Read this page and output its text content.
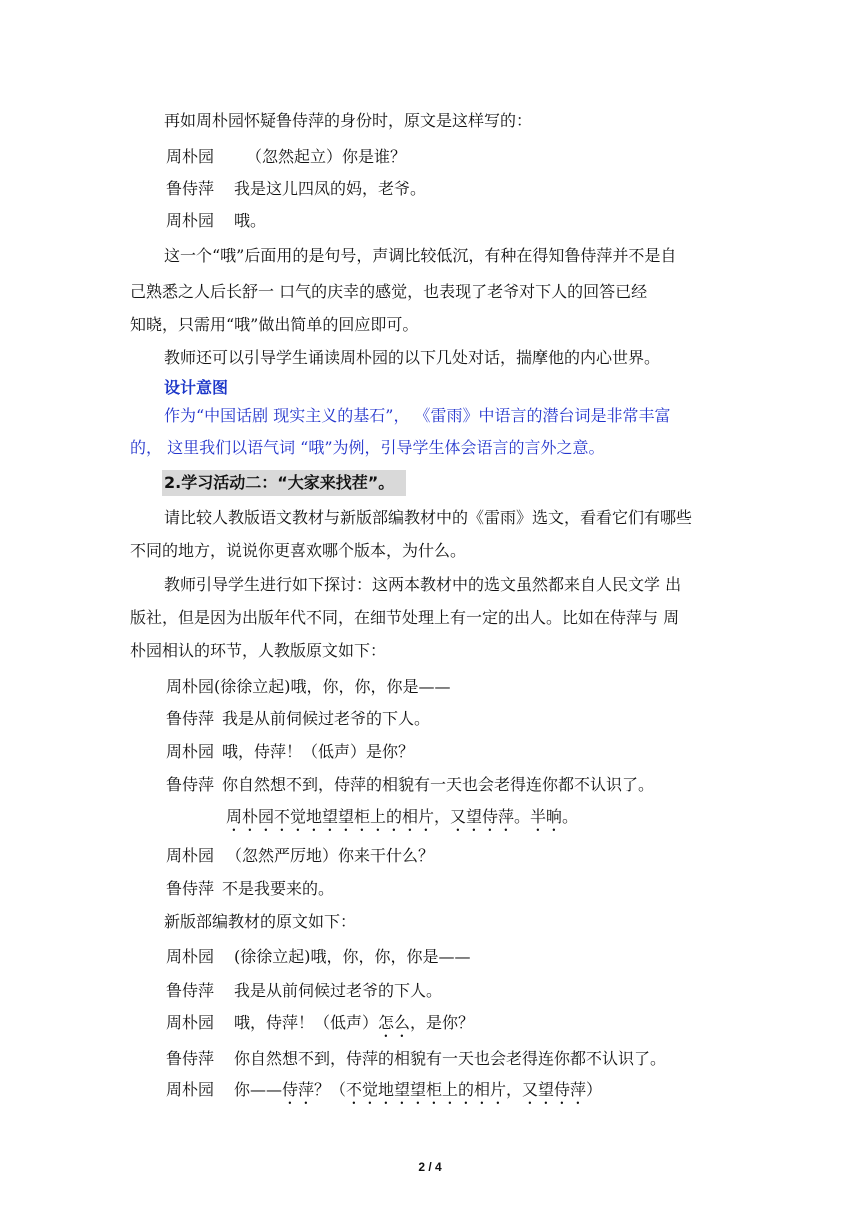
再如周朴园怀疑鲁侍萍的身份时，原文是这样写的：
周朴园 （忽然起立）你是谁？
鲁侍萍 我是这儿四凤的妈，老爷。
周朴园 哦。
这一个“哦”后面用的是句号，声调比较低沉，有种在得知鲁侍萍并不是自
己熟悉之人后长舒一 口气的庆幸的感觉，也表现了老爷对下人的回答已经
知晓，只需用“哦”做出简单的回应即可。
教师还可以引导学生诵读周朴园的以下几处对话，揣摩他的内心世界。
设计意图
作为“中国话剧 现实主义的基石”， 《雷雨》中语言的潜台词是非常丰富
的， 这里我们以语气词 “哦”为例，引导学生体会语言的言外之意。
2.学习活动二：“大家来找茬”。
请比较人教版语文教材与新版部编教材中的《雷雨》选文，看看它们有哪些
不同的地方，说说你更喜欢哪个版本，为什么。
教师引导学生进行如下探讨：这两本教材中的选文虽然都来自人民文学 出
版社，但是因为出版年代不同，在细节处理上有一定的出人。比如在侍萍与 周
朴园相认的环节，人教版原文如下：
周朴园(徐徐立起)哦，你，你，你是——
鲁侍萍 我是从前伺候过老爷的下人。
周朴园 哦，侍萍！（低声）是你？
鲁侍萍 你自然想不到，侍萍的相貌有一天也会老得连你都不认识了。
周朴园不觉地望望柜上的相片，又望侍萍。半晌。
周朴园 （忽然严厉地）你来干什么？
鲁侍萍 不是我要来的。
新版部编教材的原文如下：
周朴园 (徐徐立起)哦，你，你，你是——
鲁侍萍 我是从前伺候过老爷的下人。
周朴园 哦，侍萍！（低声）怎么，是你？
鲁侍萍 你自然想不到，侍萍的相貌有一天也会老得连你都不认识了。
周朴园 你——侍萍？（不觉地望望柜上的相片，又望侍萍）
2 / 4
